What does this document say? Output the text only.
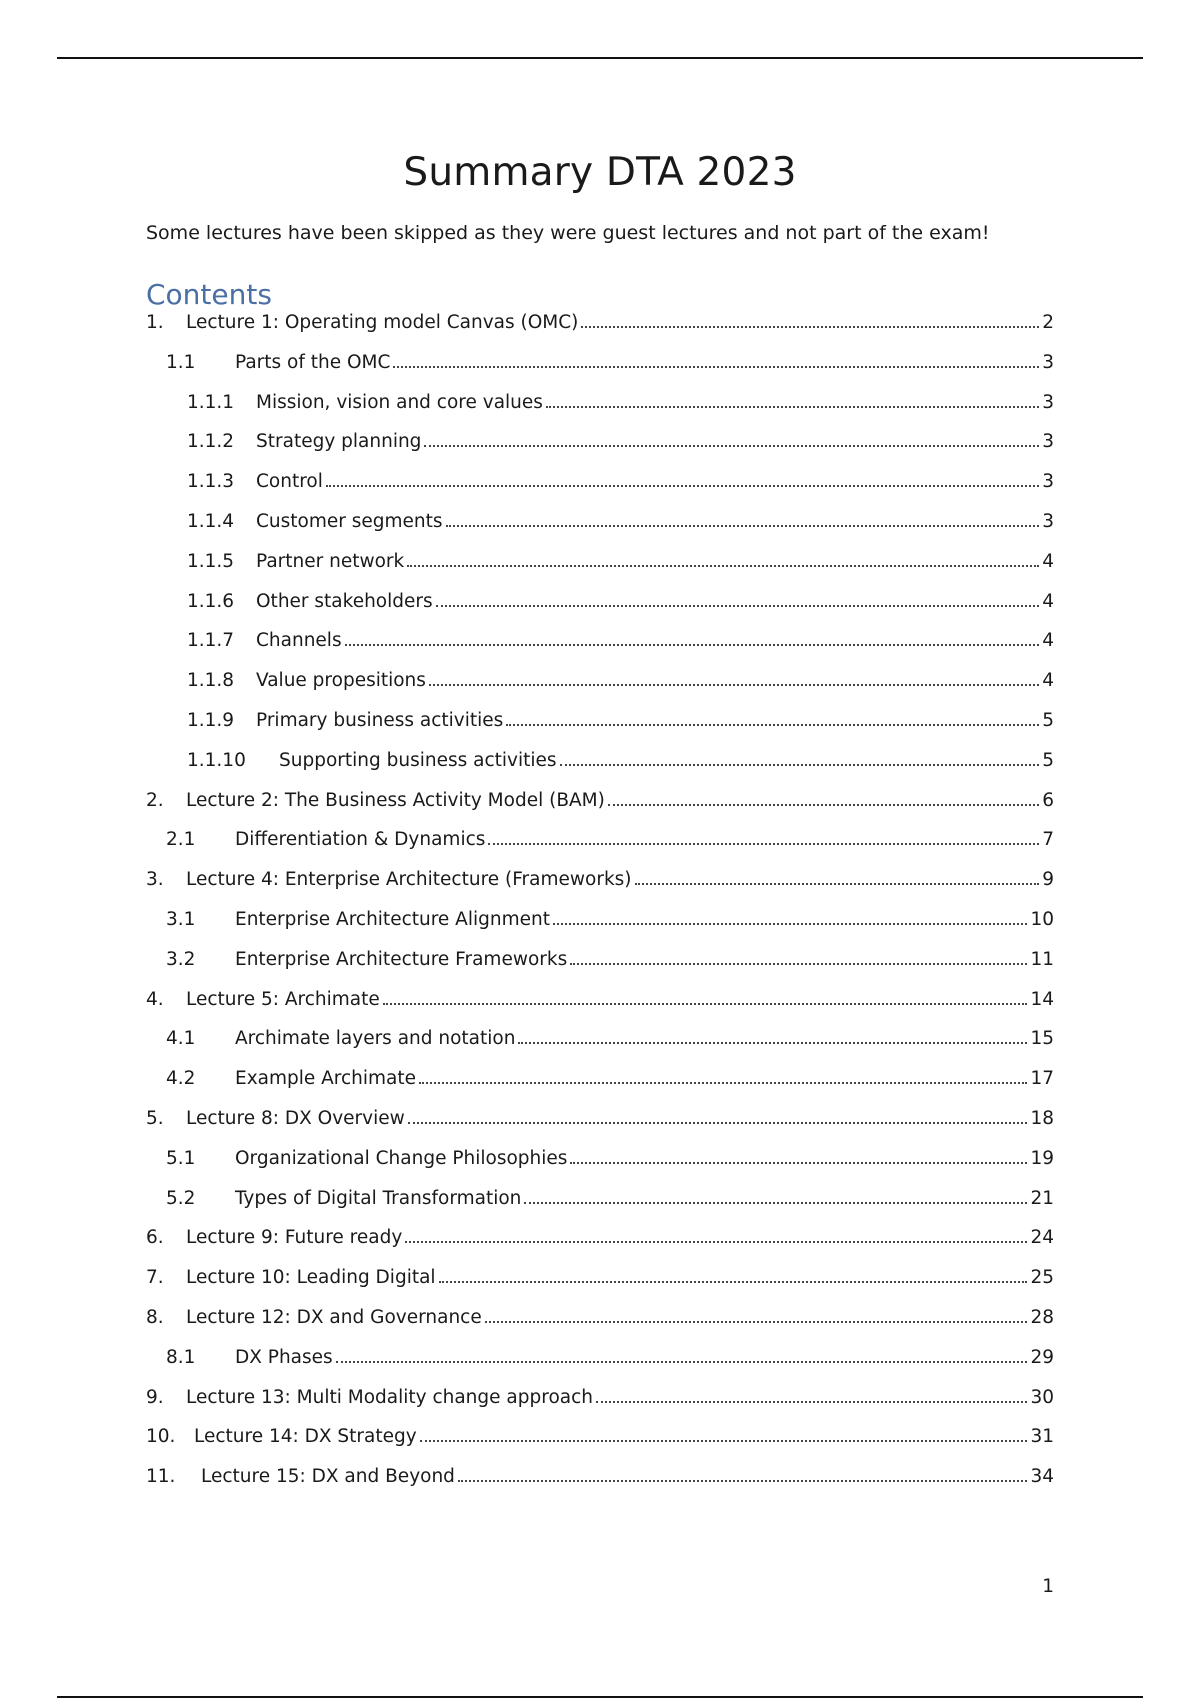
Summary DTA 2023

Some lectures have been skipped as they were guest lectures and not part of the exam!

Contents
1.	Lecture 1: Operating model Canvas (OMC)	2
1.1	Parts of the OMC	3
1.1.1	Mission, vision and core values	3
1.1.2	Strategy planning	3
1.1.3	Control	3
1.1.4	Customer segments	3
1.1.5	Partner network	4
1.1.6	Other stakeholders	4
1.1.7	Channels	4
1.1.8	Value propesitions	4
1.1.9	Primary business activities	5
1.1.10	Supporting business activities	5
2.	Lecture 2: The Business Activity Model (BAM)	6
2.1	Differentiation & Dynamics	7
3.	Lecture 4: Enterprise Architecture (Frameworks)	9
3.1	Enterprise Architecture Alignment	10
3.2	Enterprise Architecture Frameworks	11
4.	Lecture 5: Archimate	14
4.1	Archimate layers and notation	15
4.2	Example Archimate	17
5.	Lecture 8: DX Overview	18
5.1	Organizational Change Philosophies	19
5.2	Types of Digital Transformation	21
6.	Lecture 9: Future ready	24
7.	Lecture 10: Leading Digital	25
8.	Lecture 12: DX and Governance	28
8.1	DX Phases	29
9.	Lecture 13: Multi Modality change approach	30
10.	Lecture 14: DX Strategy	31
11.	Lecture 15: DX and Beyond	34

1
